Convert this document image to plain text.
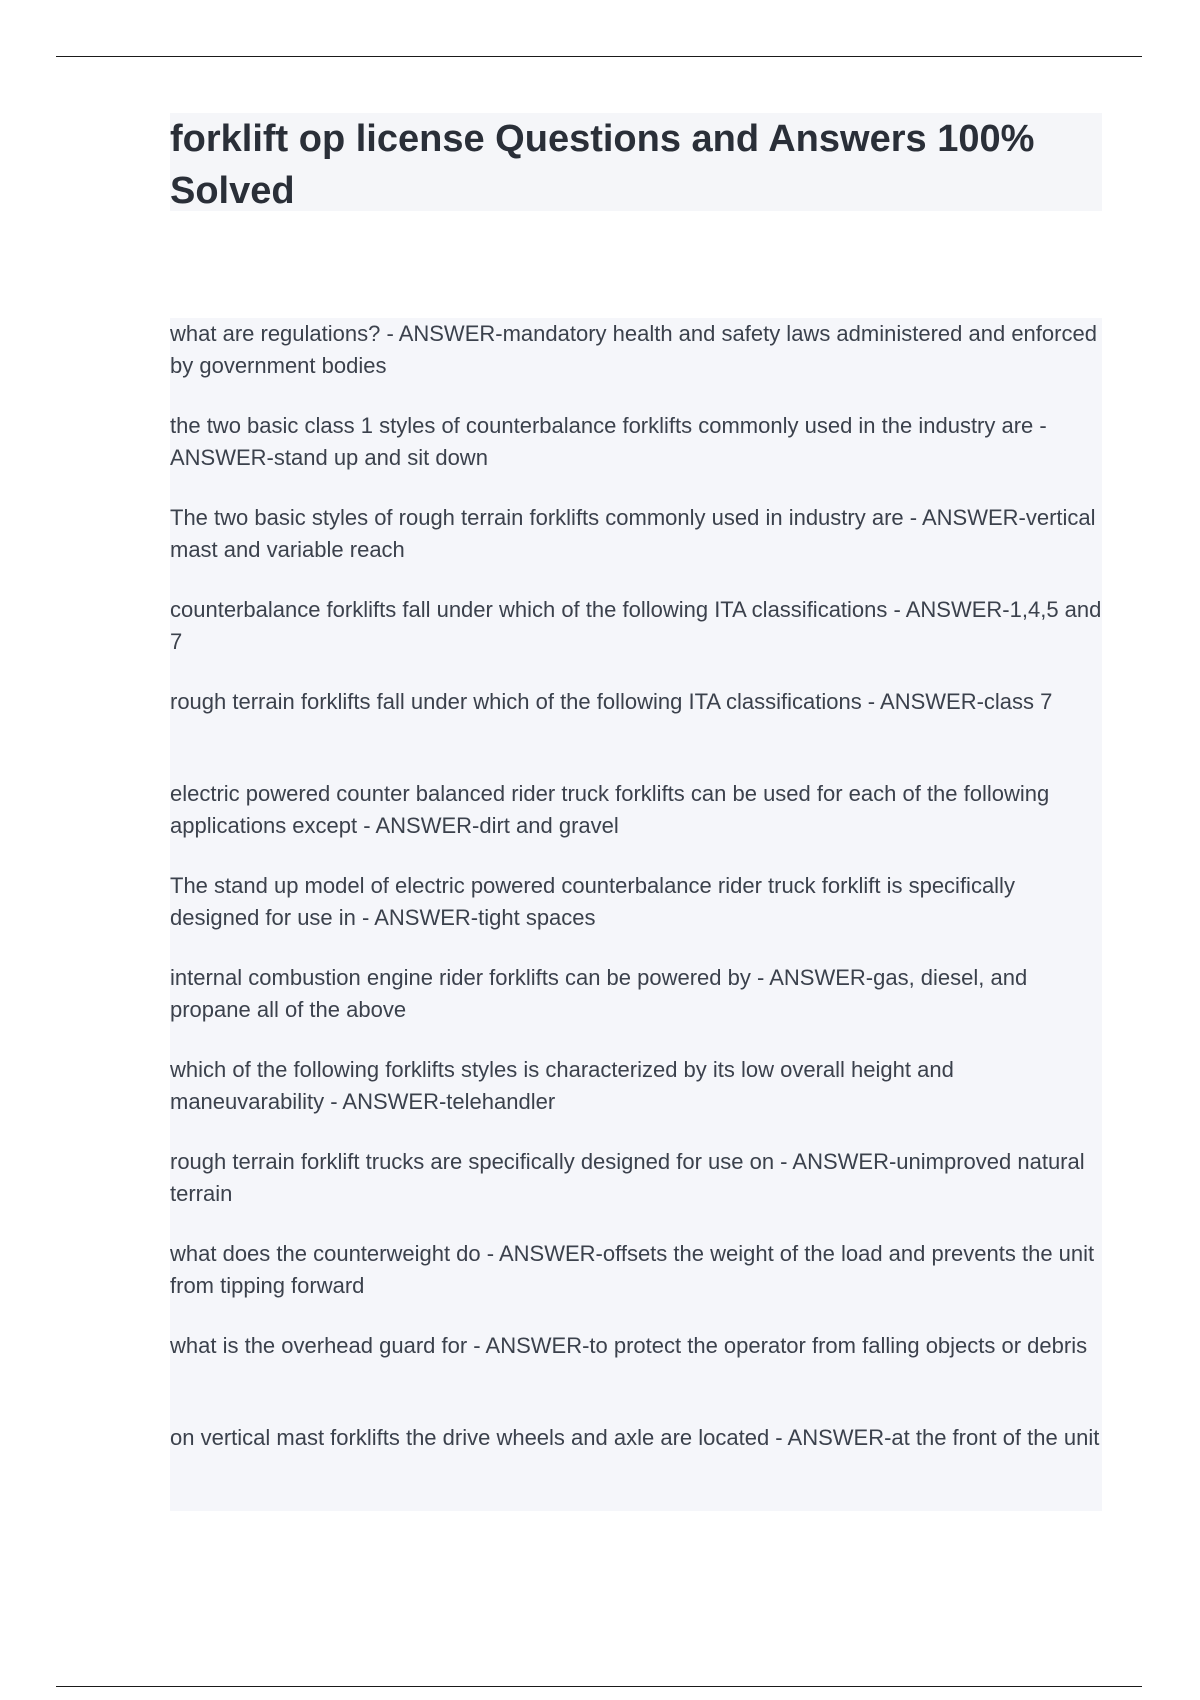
forklift op license Questions and Answers 100% Solved
what are regulations? - ANSWER-mandatory health and safety laws administered and enforced by government bodies
the two basic class 1 styles of counterbalance forklifts commonly used in the industry are - ANSWER-stand up and sit down
The two basic styles of rough terrain forklifts commonly used in industry are - ANSWER-vertical mast and variable reach
counterbalance forklifts fall under which of the following ITA classifications - ANSWER-1,4,5 and 7
rough terrain forklifts fall under which of the following ITA classifications - ANSWER-class 7
electric powered counter balanced rider truck forklifts can be used for each of the following applications except - ANSWER-dirt and gravel
The stand up model of electric powered counterbalance rider truck forklift is specifically designed for use in - ANSWER-tight spaces
internal combustion engine rider forklifts can be powered by - ANSWER-gas, diesel, and propane all of the above
which of the following forklifts styles is characterized by its low overall height and maneuvarability - ANSWER-telehandler
rough terrain forklift trucks are specifically designed for use on - ANSWER-unimproved natural terrain
what does the counterweight do - ANSWER-offsets the weight of the load and prevents the unit from tipping forward
what is the overhead guard for - ANSWER-to protect the operator from falling objects or debris
on vertical mast forklifts the drive wheels and axle are located - ANSWER-at the front of the unit
